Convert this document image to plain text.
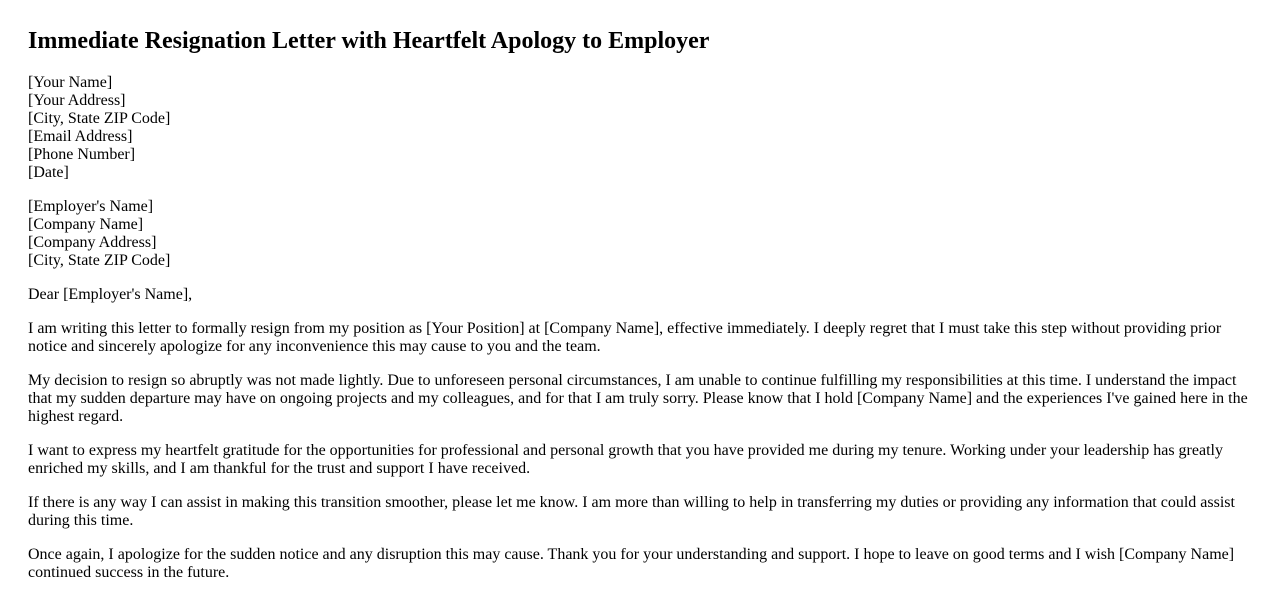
Immediate Resignation Letter with Heartfelt Apology to Employer
[Your Name]
[Your Address]
[City, State ZIP Code]
[Email Address]
[Phone Number]
[Date]
[Employer's Name]
[Company Name]
[Company Address]
[City, State ZIP Code]

Dear [Employer's Name],

I am writing this letter to formally resign from my position as [Your Position] at [Company Name], effective immediately. I deeply regret that I must take this step without providing prior notice and sincerely apologize for any inconvenience this may cause to you and the team.

My decision to resign so abruptly was not made lightly. Due to unforeseen personal circumstances, I am unable to continue fulfilling my responsibilities at this time. I understand the impact that my sudden departure may have on ongoing projects and my colleagues, and for that I am truly sorry. Please know that I hold [Company Name] and the experiences I've gained here in the highest regard.

I want to express my heartfelt gratitude for the opportunities for professional and personal growth that you have provided me during my tenure. Working under your leadership has greatly enriched my skills, and I am thankful for the trust and support I have received.

If there is any way I can assist in making this transition smoother, please let me know. I am more than willing to help in transferring my duties or providing any information that could assist during this time.

Once again, I apologize for the sudden notice and any disruption this may cause. Thank you for your understanding and support. I hope to leave on good terms and I wish [Company Name] continued success in the future.
